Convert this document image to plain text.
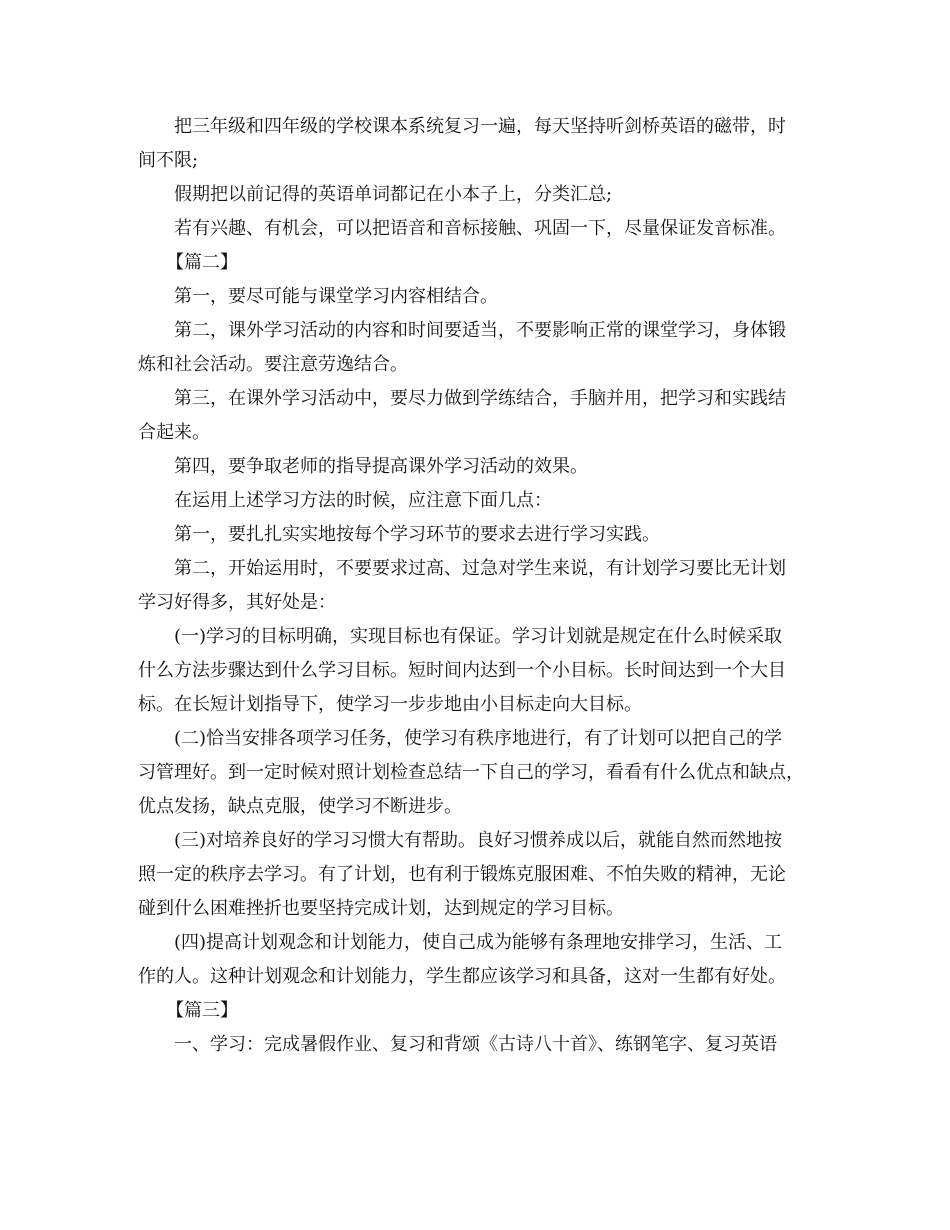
把三年级和四年级的学校课本系统复习一遍，每天坚持听剑桥英语的磁带，时
间不限;
假期把以前记得的英语单词都记在小本子上，分类汇总;
若有兴趣、有机会，可以把语音和音标接触、巩固一下，尽量保证发音标准。
【篇二】
第一，要尽可能与课堂学习内容相结合。
第二，课外学习活动的内容和时间要适当，不要影响正常的课堂学习，身体锻
炼和社会活动。要注意劳逸结合。
第三，在课外学习活动中，要尽力做到学练结合，手脑并用，把学习和实践结
合起来。
第四，要争取老师的指导提高课外学习活动的效果。
在运用上述学习方法的时候，应注意下面几点：
第一，要扎扎实实地按每个学习环节的要求去进行学习实践。
第二，开始运用时，不要要求过高、过急对学生来说，有计划学习要比无计划
学习好得多，其好处是：
(一)学习的目标明确，实现目标也有保证。学习计划就是规定在什么时候采取
什么方法步骤达到什么学习目标。短时间内达到一个小目标。长时间达到一个大目
标。在长短计划指导下，使学习一步步地由小目标走向大目标。
(二)恰当安排各项学习任务，使学习有秩序地进行，有了计划可以把自己的学
习管理好。到一定时候对照计划检查总结一下自己的学习，看看有什么优点和缺点，
优点发扬，缺点克服，使学习不断进步。
(三)对培养良好的学习习惯大有帮助。良好习惯养成以后，就能自然而然地按
照一定的秩序去学习。有了计划，也有利于锻炼克服困难、不怕失败的精神，无论
碰到什么困难挫折也要坚持完成计划，达到规定的学习目标。
(四)提高计划观念和计划能力，使自己成为能够有条理地安排学习，生活、工
作的人。这种计划观念和计划能力，学生都应该学习和具备，这对一生都有好处。
【篇三】
一、学习：完成暑假作业、复习和背颂《古诗八十首》、练钢笔字、复习英语
